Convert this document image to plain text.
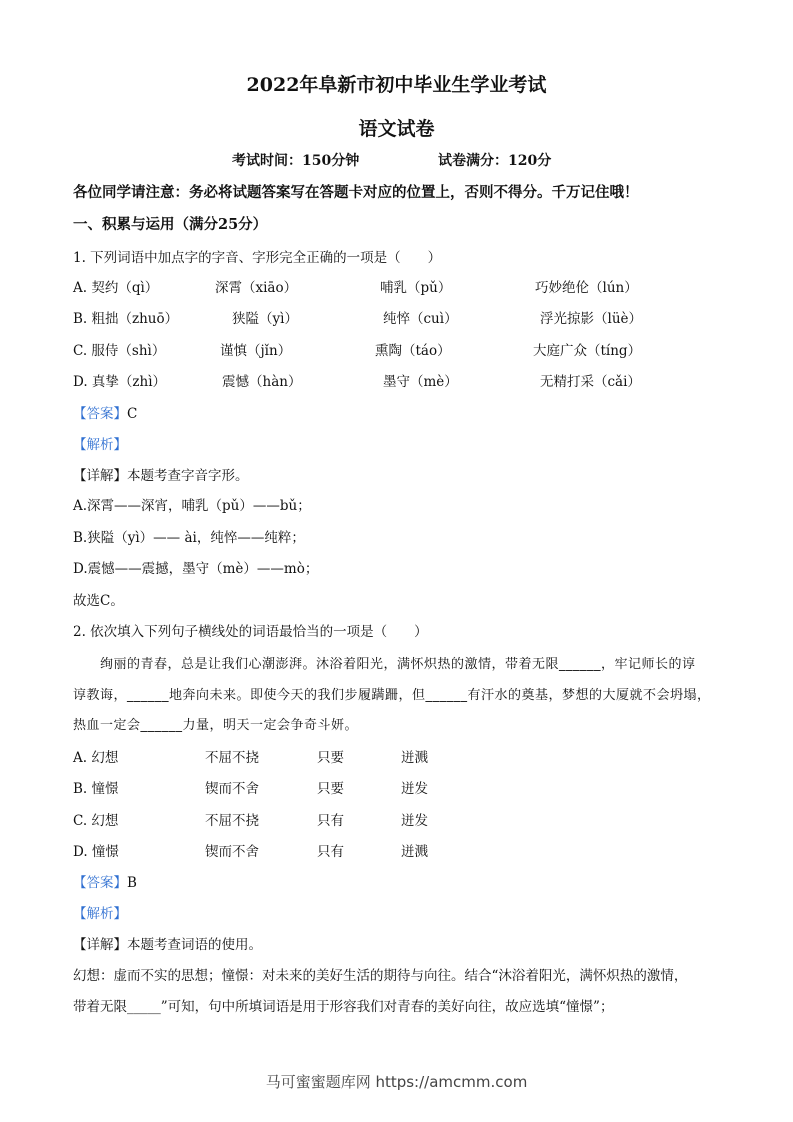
2022年阜新市初中毕业生学业考试
语文试卷
考试时间：150分钟	试卷满分：120分
各位同学请注意：务必将试题答案写在答题卡对应的位置上，否则不得分。千万记住哦！
一、积累与运用（满分25分）
1. 下列词语中加点字的字音、字形完全正确的一项是（　　）
A. 契约（qì）	深霄（xiāo）	哺乳（pǔ）	巧妙绝伦（lún）
B. 粗拙（zhuō）	狭隘（yì）	纯悴（cuì）	浮光掠影（lüè）
C. 服侍（shì）	谨慎（jǐn）	熏陶（táo）	大庭广众（tíng）
D. 真挚（zhì）	震憾（hàn）	墨守（mè）	无精打采（cǎi）
【答案】C
【解析】
【详解】本题考查字音字形。
A.深霄——深宵，哺乳（pǔ）——bǔ；
B.狭隘（yì）—— ài，纯悴——纯粹；
D.震憾——震撼，墨守（mè）——mò；
故选C。
2. 依次填入下列句子横线处的词语最恰当的一项是（　　）
绚丽的青春，总是让我们心潮澎湃。沐浴着阳光，满怀炽热的激情，带着无限______，牢记师长的谆
谆教诲，______地奔向未来。即使今天的我们步履蹒跚，但______有汗水的奠基，梦想的大厦就不会坍塌，
热血一定会______力量，明天一定会争奇斗妍。
A. 幻想	不屈不挠	只要	迸溅
B. 憧憬	锲而不舍	只要	迸发
C. 幻想	不屈不挠	只有	迸发
D. 憧憬	锲而不舍	只有	迸溅
【答案】B
【解析】
【详解】本题考查词语的使用。
幻想：虚而不实的思想；憧憬：对未来的美好生活的期待与向往。结合“沐浴着阳光，满怀炽热的激情，
带着无限_____”可知，句中所填词语是用于形容我们对青春的美好向往，故应选填“憧憬”；
马可蜜蜜题库网 https://amcmm.com
